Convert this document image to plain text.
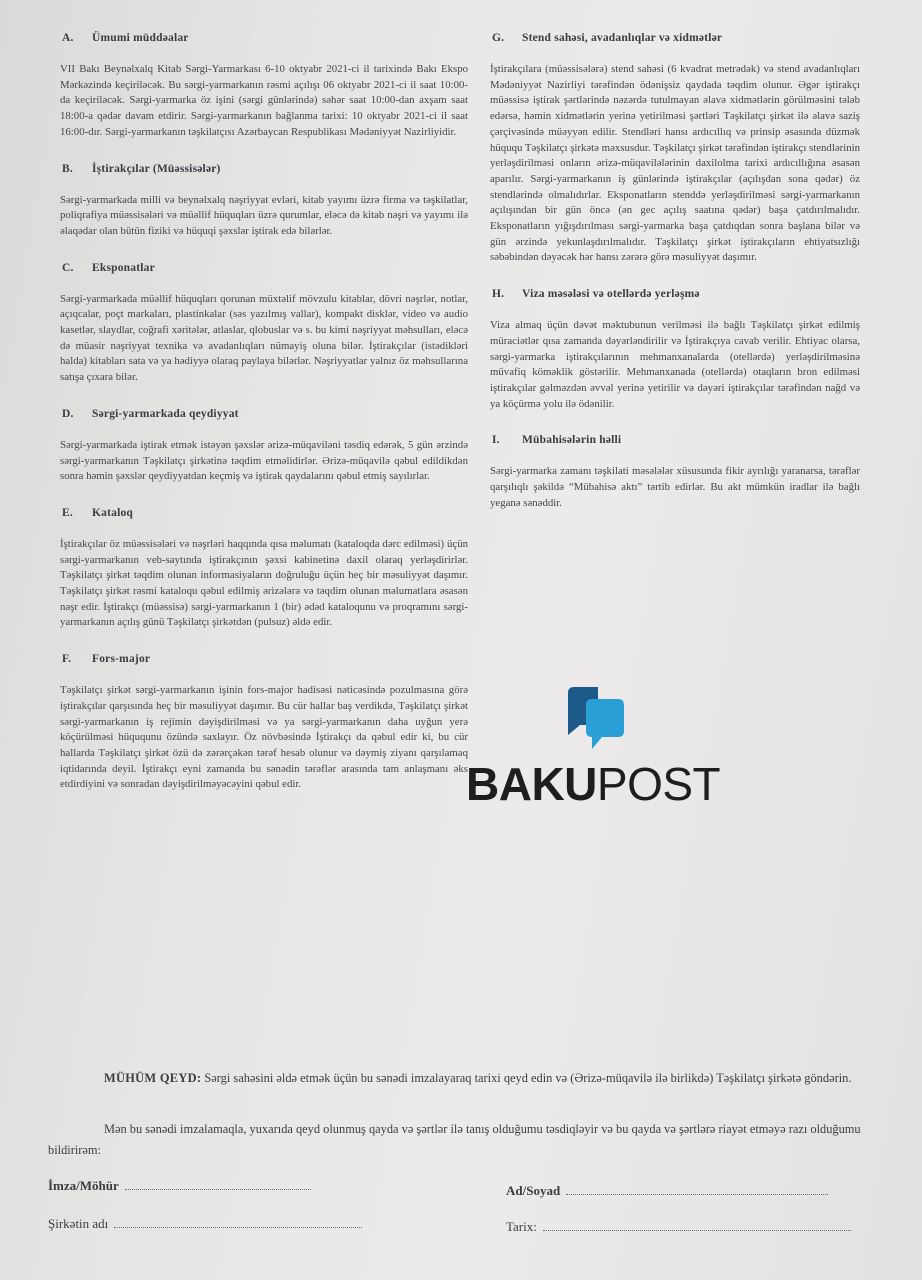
A. Ümumi müddəalar

VII Bakı Beynəlxalq Kitab Sərgi-Yarmarkası 6-10 oktyabr 2021-ci il tarixində Bakı Ekspo Mərkəzində keçiriləcək. Bu sərgi-yarmarkanın rəsmi açılışı 06 oktyabr 2021-ci il saat 10:00-da keçiriləcək. Sərgi-yarmarka öz işini (sərgi günlərində) səhər saat 10:00-dan axşam saat 18:00-a qədər davam etdirir. Sərgi-yarmarkanın bağlanma tarixi: 10 oktyabr 2021-ci il saat 16:00-dır. Sərgi-yarmarkanın təşkilatçısı Azərbaycan Respublikası Mədəniyyət Nazirliyidir.

B. İştirakçılar (Müəssisələr)

Sərgi-yarmarkada milli və beynəlxalq nəşriyyat evləri, kitab yayımı üzrə firma və təşkilatlar, poliqrafiya müəssisələri və müəllif hüquqları üzrə qurumlar, eləcə də kitab nəşri və yayımı ilə əlaqədar olan bütün fiziki və hüquqi şəxslər iştirak edə bilərlər.

C. Eksponatlar

Sərgi-yarmarkada müəllif hüquqları qorunan müxtəlif mövzulu kitablar, dövri nəşrlər, notlar, açıqcalar, poçt markaları, plastinkalar (səs yazılmış vallar), kompakt disklər, video və audio kasetlər, slaydlar, coğrafi xəritələr, atlaslar, qlobuslar və s. bu kimi nəşriyyat məhsulları, eləcə də müasir nəşriyyat texnika və avadanlıqları nümayiş oluna bilər. İştirakçılar (istədikləri halda) kitabları sata və ya hədiyyə olaraq paylaya bilərlər. Nəşriyyatlar yalnız öz məhsullarına satışa çıxara bilər.

D. Sərgi-yarmarkada qeydiyyat

Sərgi-yarmarkada iştirak etmək istəyən şəxslər ərizə-müqaviləni təsdiq edərək, 5 gün ərzində sərgi-yarmarkanın Təşkilatçı şirkətinə təqdim etməlidirlər. Ərizə-müqavilə qəbul edildikdən sonra həmin şəxslər qeydiyyatdan keçmiş və iştirak qaydalarını qəbul etmiş sayılırlar.

E. Kataloq

İştirakçılar öz müəssisələri və nəşrləri haqqında qısa məlumatı (kataloqda dərc edilməsi) üçün sərgi-yarmarkanın veb-saytında iştirakçının şəxsi kabinetinə daxil olaraq yerləşdirirlər. Təşkilatçı şirkət təqdim olunan informasiyaların doğruluğu üçün heç bir məsuliyyət daşımır. Təşkilatçı şirkət rəsmi kataloqu qəbul edilmiş ərizələrə və təqdim olunan məlumatlara əsasən nəşr edir. İştirakçı (müəssisə) sərgi-yarmarkanın 1 (bir) ədəd kataloqunu və proqramını sərgi-yarmarkanın açılış günü Təşkilatçı şirkətdən (pulsuz) əldə edir.

F. Fors-major

Təşkilatçı şirkət sərgi-yarmarkanın işinin fors-major hadisəsi nəticəsində pozulmasına görə iştirakçılar qarşısında heç bir məsuliyyət daşımır. Bu cür hallar baş verdikdə, Təşkilatçı şirkət sərgi-yarmarkanın iş rejimin dəyişdirilməsi və ya sərgi-yarmarkanın daha uyğun yerə köçürülməsi hüququnu özündə saxlayır. Öz növbəsində İştirakçı da qəbul edir ki, bu cür hallarda Təşkilatçı şirkət özü də zərərçəkən tərəf hesab olunur və dəymiş ziyanı qarşılamaq iqtidarında deyil. İştirakçı eyni zamanda bu sənədin tərəflər arasında tam anlaşmanı əks etdirdiyini və sonradan dəyişdirilməyəcəyini qəbul edir.

G. Stend sahəsi, avadanlıqlar və xidmətlər

İştirakçılara (müəssisələrə) stend sahəsi (6 kvadrat metrədək) və stend avadanlıqları Mədəniyyət Nazirliyi tərəfindən ödənişsiz qaydada təqdim olunur. Əgər iştirakçı müəssisə iştirak şərtlərində nəzərdə tutulmayan əlavə xidmətlərin görülməsini tələb edərsə, həmin xidmətlərin yerinə yetirilməsi şərtləri Təşkilatçı şirkət ilə əlavə saziş çərçivəsində müəyyən edilir. Stendləri hansı ardıcıllıq və prinsip əsasında düzmək hüququ Təşkilatçı şirkətə məxsusdur. Təşkilatçı şirkət tərəfindən iştirakçı stendlərinin yerləşdirilməsi onların ərizə-müqavilələrinin daxilolma tarixi ardıcıllığına əsasən aparılır. Sərgi-yarmarkanın iş günlərində iştirakçılar (açılışdan sona qədər) öz stendlərində olmalıdırlar. Eksponatların stenddə yerləşdirilməsi sərgi-yarmarkanın açılışından bir gün öncə (ən gec açılış saatına qədər) başa çatdırılmalıdır. Eksponatların yığışdırılması sərgi-yarmarka başa çatdıqdan sonra başlana bilər və gün ərzində yekunlaşdırılmalıdır. Təşkilatçı şirkət iştirakçıların ehtiyatsızlığı səbəbindən dəyəcək hər hansı zərərə görə məsuliyyət daşımır.

H. Viza məsələsi və otellərdə yerləşmə

Viza almaq üçün dəvət məktubunun verilməsi ilə bağlı Təşkilatçı şirkət edilmiş müraciətlər qısa zamanda dəyərləndirilir və İştirakçıya cavab verilir. Ehtiyac olarsa, sərgi-yarmarka iştirakçılarının mehmanxanalarda (otellərdə) yerləşdirilməsinə müvafiq köməklik göstərilir. Mehmanxanada (otellərdə) otaqların bron edilməsi iştirakçılar gəlməzdən əvvəl yerinə yetirilir və dəyəri iştirakçılar tərəfindən nağd və ya köçürmə yolu ilə ödənilir.

I. Mübahisələrin həlli

Sərgi-yarmarka zamanı təşkilati məsələlər xüsusunda fikir ayrılığı yaranarsa, tərəflər qarşılıqlı şəkildə “Mübahisə aktı” tərtib edirlər. Bu akt mümkün iradlar ilə bağlı yeganə sənəddir.

BAKUPOST

MÜHÜM QEYD: Sərgi sahəsini əldə etmək üçün bu sənədi imzalayaraq tarixi qeyd edin və (Ərizə-müqavilə ilə birlikdə) Təşkilatçı şirkətə göndərin.

Mən bu sənədi imzalamaqla, yuxarıda qeyd olunmuş qayda və şərtlər ilə tanış olduğumu təsdiqləyir və bu qayda və şərtlərə riayət etməyə razı olduğumu bildirirəm:

İmza/Möhür	Ad/Soyad
Şirkətin adı	Tarix:
